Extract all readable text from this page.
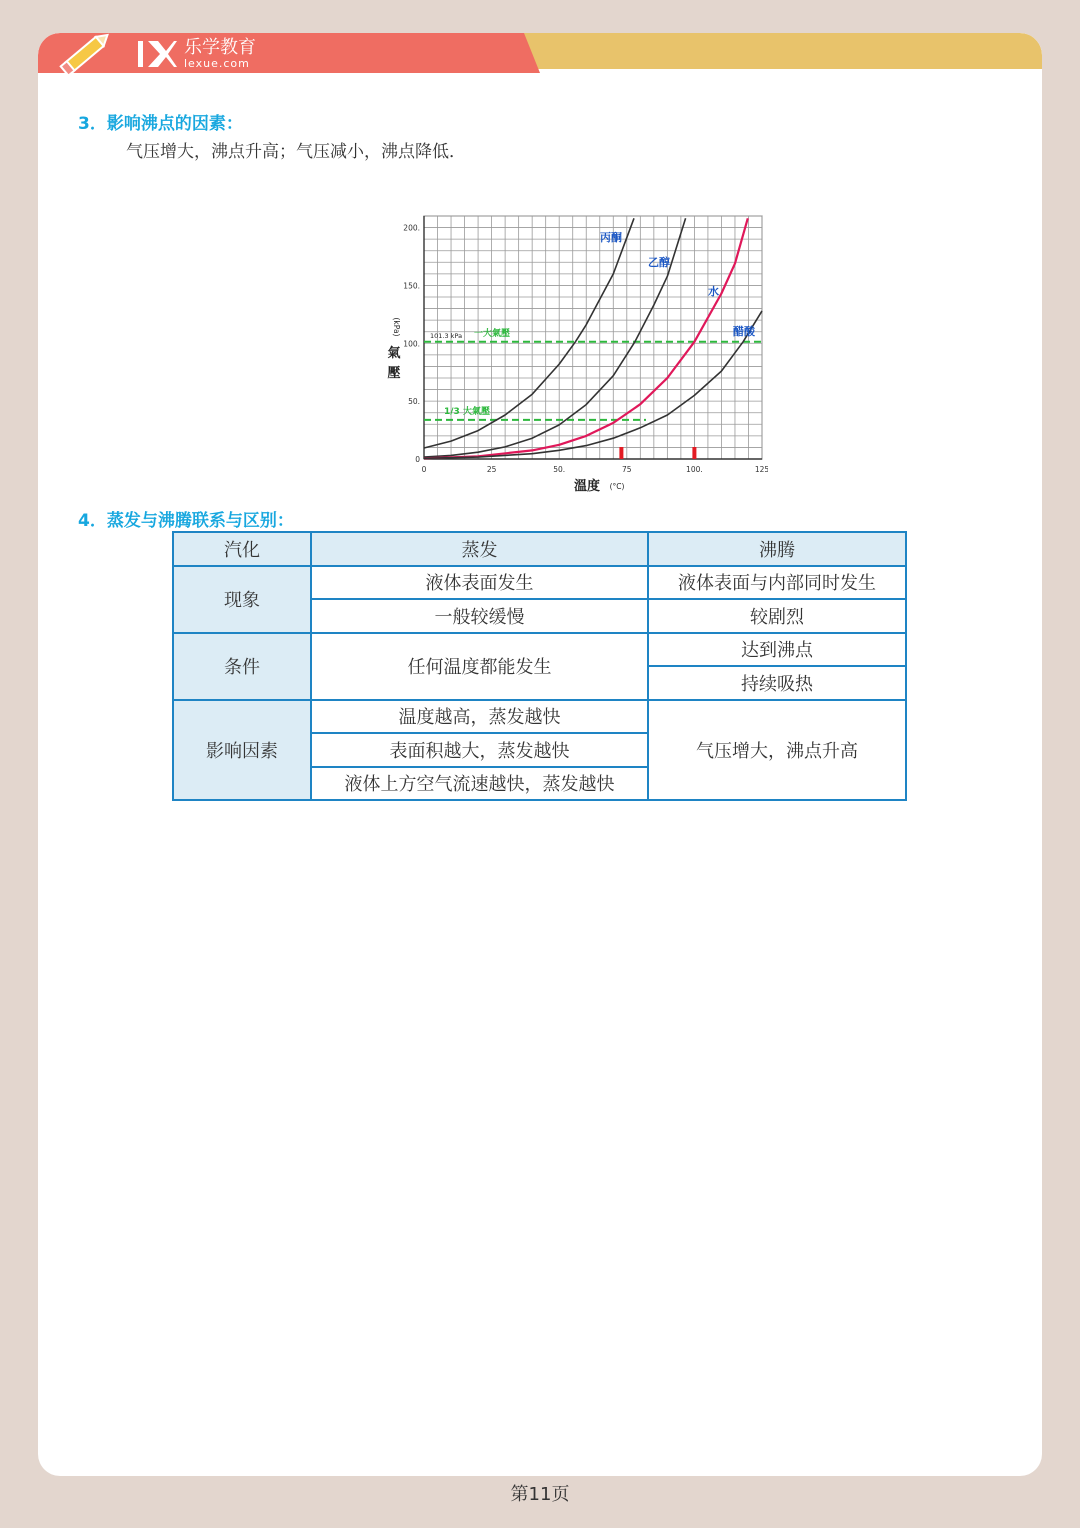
乐学教育
lexue.com
3．影响沸点的因素：
气压增大，沸点升高；气压减小，沸点降低．
0	25	50.	75	100.	125
0
50.
100.
150.
200.
溫度 (°C)
氣
壓
(kPa)	101.3 kPa 一大氣壓
1/3 大氣壓
丙酮
乙醇
水
醋酸
4．蒸发与沸腾联系与区别：
汽化	蒸发	沸腾
现象	液体表面发生	液体表面与内部同时发生
	一般较缓慢	较剧烈
条件	任何温度都能发生	达到沸点
		持续吸热
影响因素	温度越高，蒸发越快	气压增大，沸点升高
	表面积越大，蒸发越快	
	液体上方空气流速越快，蒸发越快	
第11页
